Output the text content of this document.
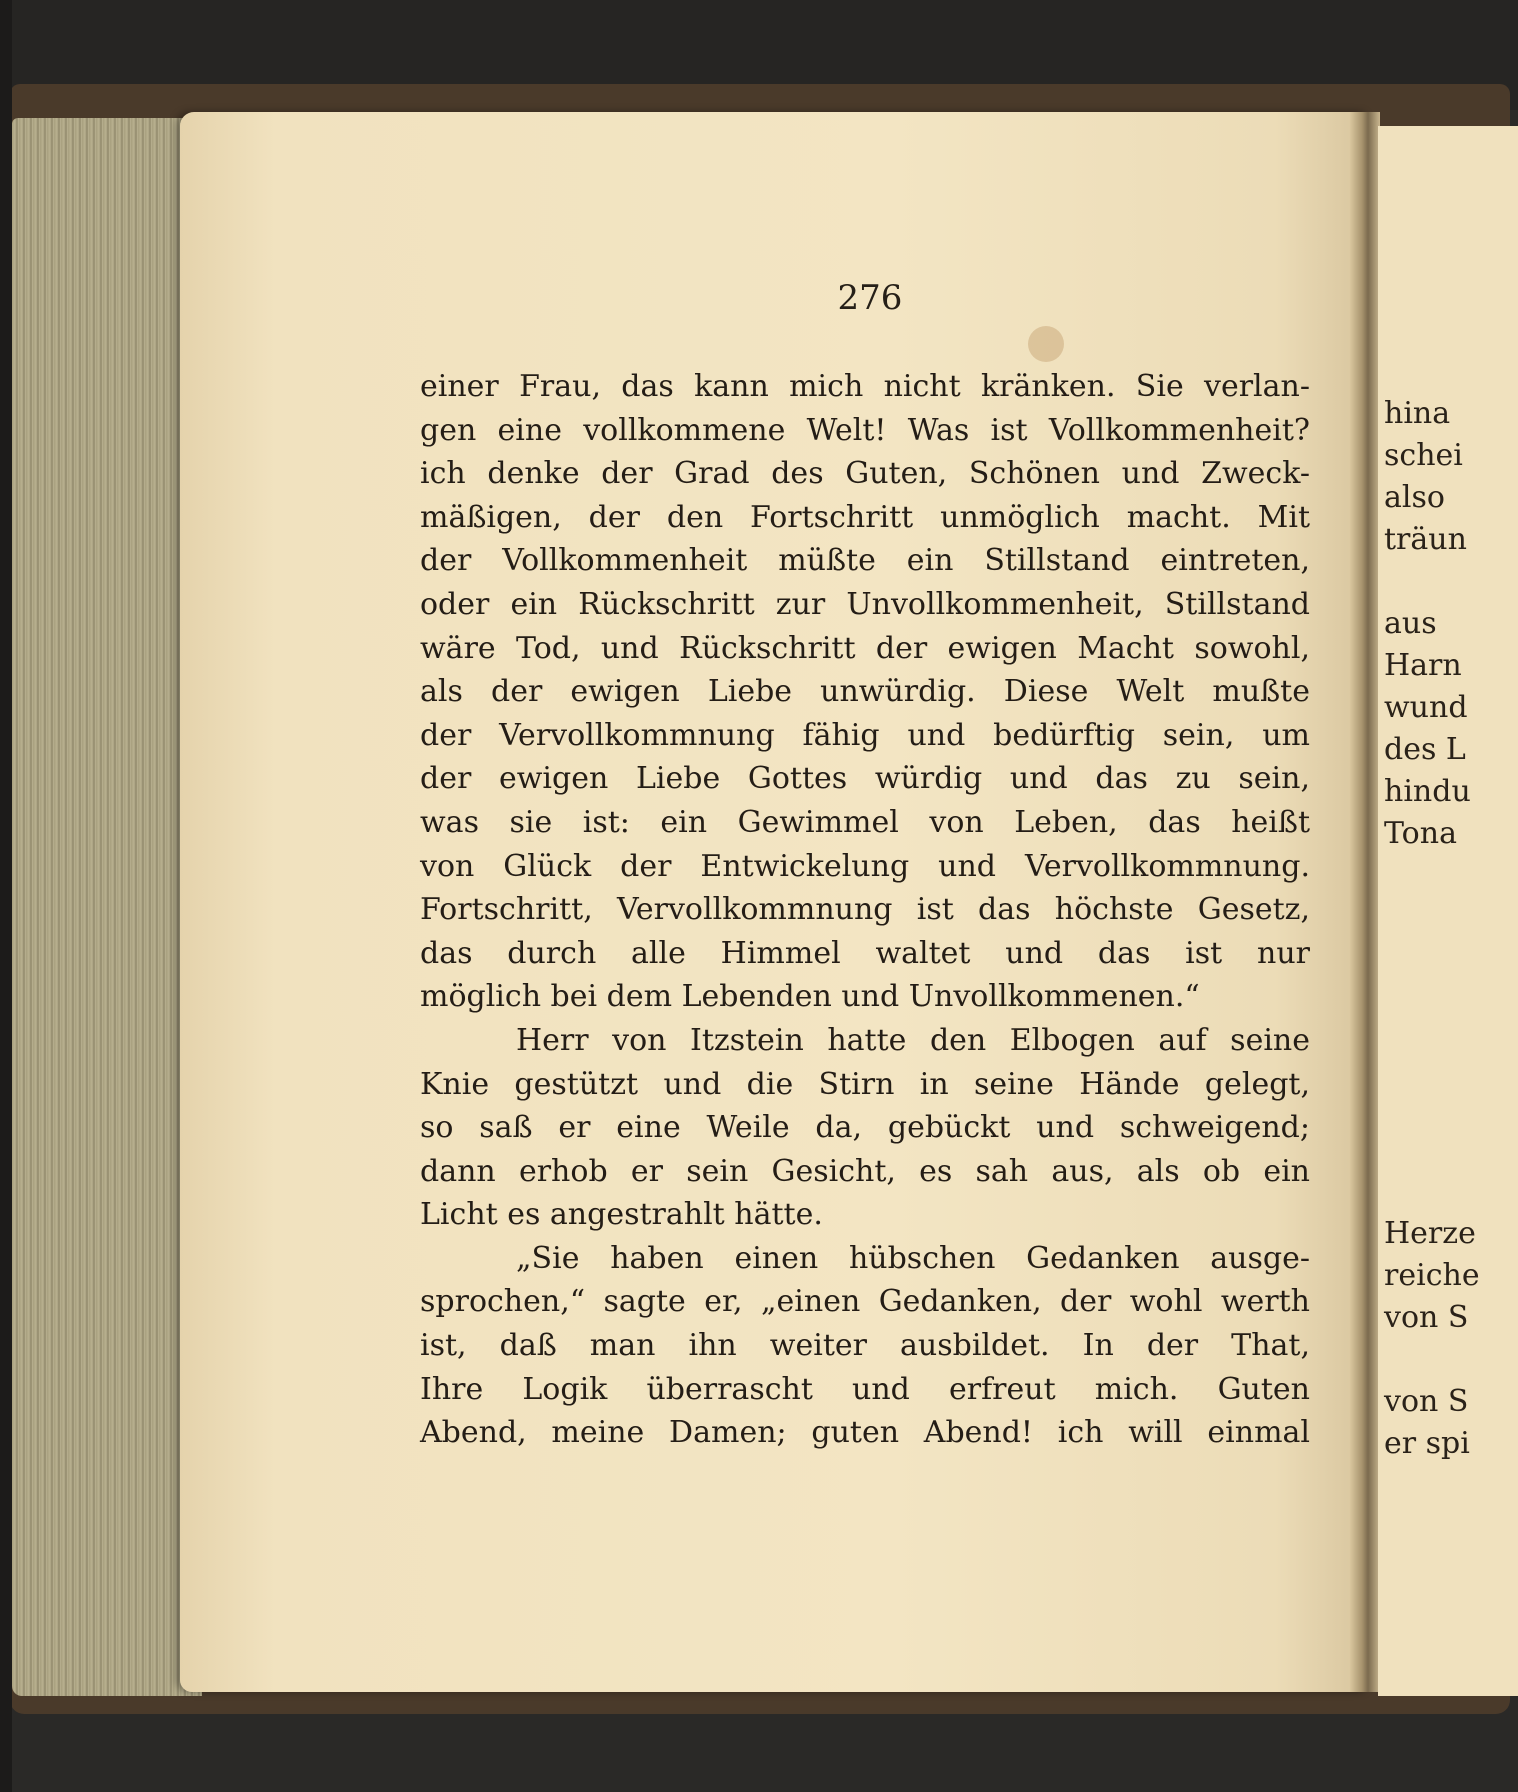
hina
schei
also
träun
aus
Harn
wund
des L
hindu
Tona
Herze
reiche
von S
von S
er spi
276
einer Frau, das kann mich nicht kränken. Sie verlan-
gen eine vollkommene Welt! Was ist Vollkommenheit?
ich denke der Grad des Guten, Schönen und Zweck-
mäßigen, der den Fortschritt unmöglich macht. Mit
der Vollkommenheit müßte ein Stillstand eintreten,
oder ein Rückschritt zur Unvollkommenheit, Stillstand
wäre Tod, und Rückschritt der ewigen Macht sowohl,
als der ewigen Liebe unwürdig. Diese Welt mußte
der Vervollkommnung fähig und bedürftig sein, um
der ewigen Liebe Gottes würdig und das zu sein,
was sie ist: ein Gewimmel von Leben, das heißt
von Glück der Entwickelung und Vervollkommnung.
Fortschritt, Vervollkommnung ist das höchste Gesetz,
das durch alle Himmel waltet und das ist nur
möglich bei dem Lebenden und Unvollkommenen.“
Herr von Itzstein hatte den Elbogen auf seine
Knie gestützt und die Stirn in seine Hände gelegt,
so saß er eine Weile da, gebückt und schweigend;
dann erhob er sein Gesicht, es sah aus, als ob ein
Licht es angestrahlt hätte.
„Sie haben einen hübschen Gedanken ausge-
sprochen,“ sagte er, „einen Gedanken, der wohl werth
ist, daß man ihn weiter ausbildet. In der That,
Ihre Logik überrascht und erfreut mich. Guten
Abend, meine Damen; guten Abend! ich will einmal
